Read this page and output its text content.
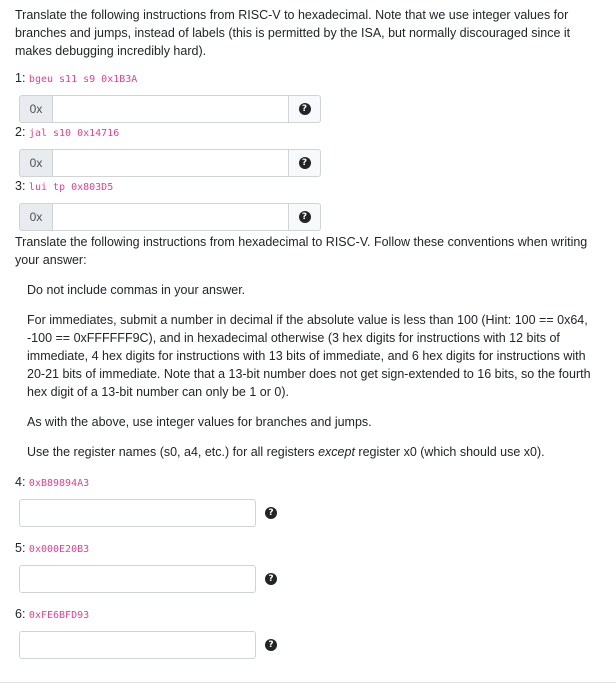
Translate the following instructions from RISC-V to hexadecimal. Note that we use integer values for branches and jumps, instead of labels (this is permitted by the ISA, but normally discouraged since it makes debugging incredibly hard).

1: bgeu s11 s9 0x1B3A

0x	?

2: jal s10 0x14716

0x	?

3: lui tp 0x803D5

0x	?

Translate the following instructions from hexadecimal to RISC-V. Follow these conventions when writing your answer:

Do not include commas in your answer.

For immediates, submit a number in decimal if the absolute value is less than 100 (Hint: 100 == 0x64, -100 == 0xFFFFFF9C), and in hexadecimal otherwise (3 hex digits for instructions with 12 bits of immediate, 4 hex digits for instructions with 13 bits of immediate, and 6 hex digits for instructions with 20-21 bits of immediate. Note that a 13-bit number does not get sign-extended to 16 bits, so the fourth hex digit of a 13-bit number can only be 1 or 0).

As with the above, use integer values for branches and jumps.

Use the register names (s0, a4, etc.) for all registers except register x0 (which should use x0).

4: 0xB89894A3

?

5: 0x000E20B3

?

6: 0xFE6BFD93

?
